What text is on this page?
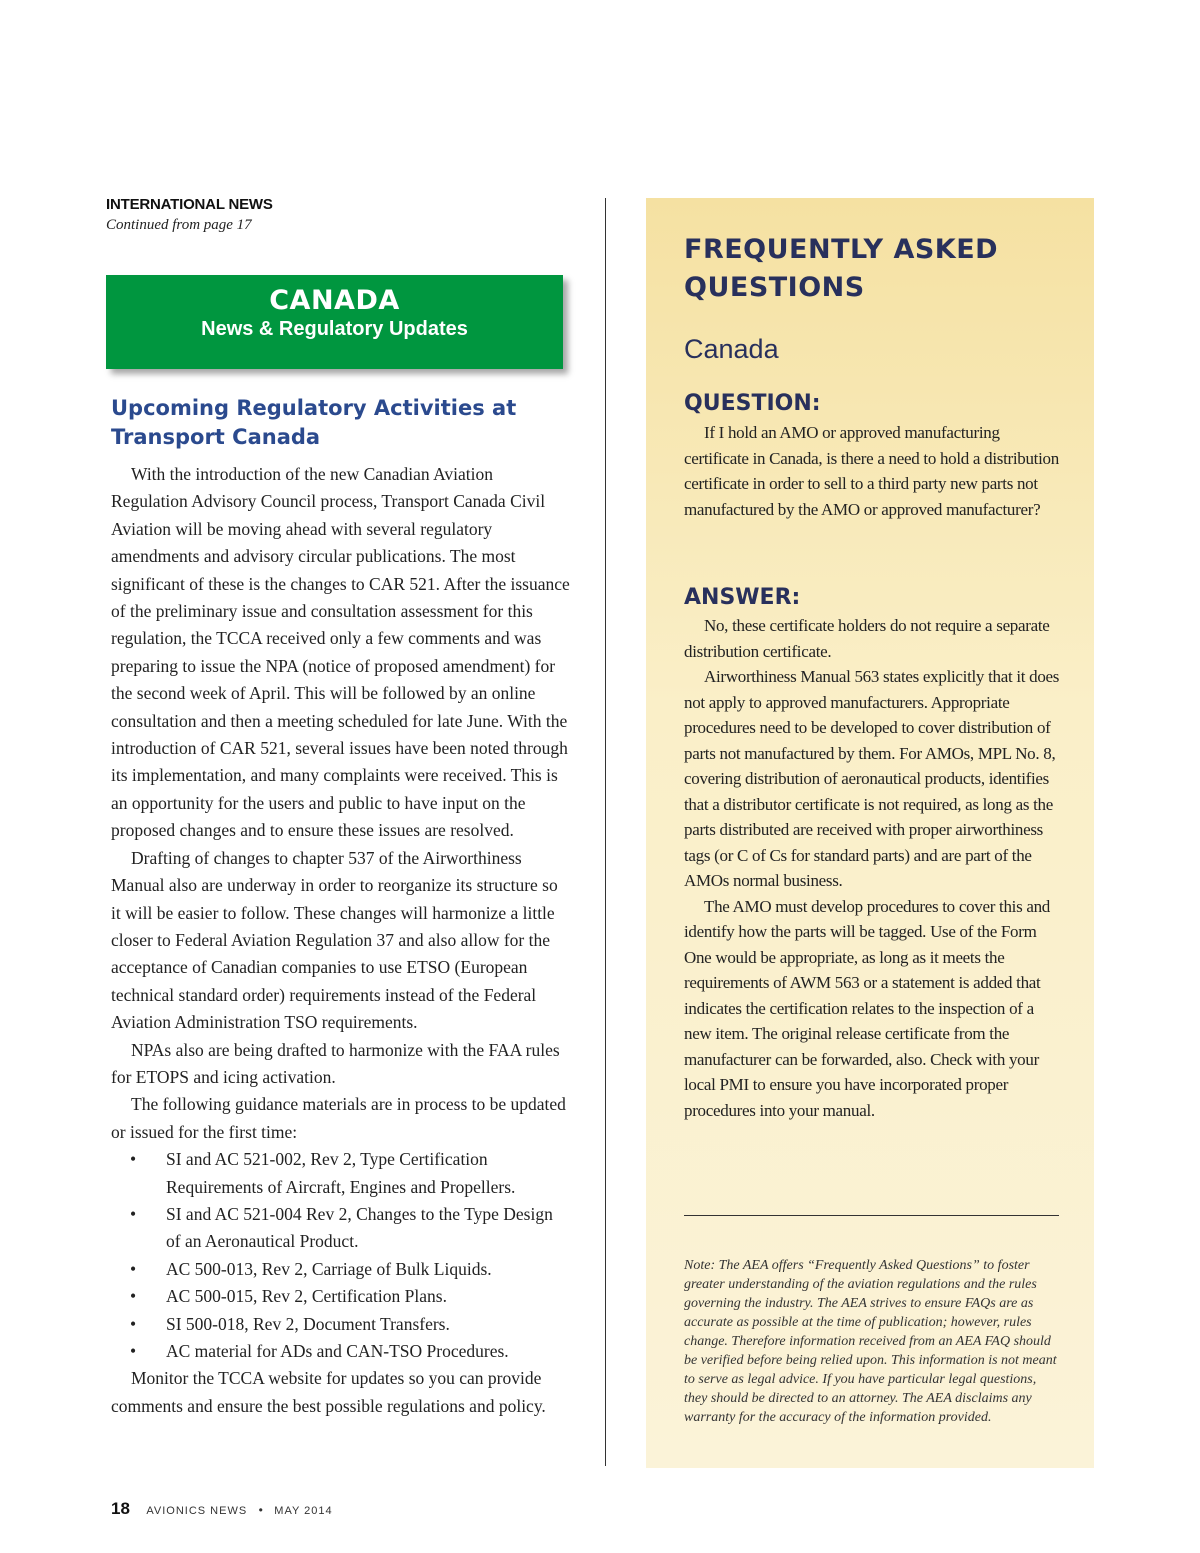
INTERNATIONAL NEWS
Continued from page 17
CANADA
News & Regulatory Updates
Upcoming Regulatory Activities at Transport Canada

With the introduction of the new Canadian Aviation Regulation Advisory Council process, Transport Canada Civil Aviation will be moving ahead with several regulatory amendments and advisory circular publications. The most significant of these is the changes to CAR 521. After the issuance of the preliminary issue and consultation assessment for this regulation, the TCCA received only a few comments and was preparing to issue the NPA (notice of proposed amendment) for the second week of April. This will be followed by an online consultation and then a meeting scheduled for late June. With the introduction of CAR 521, several issues have been noted through its implementation, and many complaints were received. This is an opportunity for the users and public to have input on the proposed changes and to ensure these issues are resolved.

Drafting of changes to chapter 537 of the Airworthiness Manual also are underway in order to reorganize its structure so it will be easier to follow. These changes will harmonize a little closer to Federal Aviation Regulation 37 and also allow for the acceptance of Canadian companies to use ETSO (European technical standard order) requirements instead of the Federal Aviation Administration TSO requirements.

NPAs also are being drafted to harmonize with the FAA rules for ETOPS and icing activation.

The following guidance materials are in process to be updated or issued for the first time:

• SI and AC 521-002, Rev 2, Type Certification Requirements of Aircraft, Engines and Propellers.
• SI and AC 521-004 Rev 2, Changes to the Type Design of an Aeronautical Product.
• AC 500-013, Rev 2, Carriage of Bulk Liquids.
• AC 500-015, Rev 2, Certification Plans.
• SI 500-018, Rev 2, Document Transfers.
• AC material for ADs and CAN-TSO Procedures.

Monitor the TCCA website for updates so you can provide comments and ensure the best possible regulations and policy.

FREQUENTLY ASKED QUESTIONS
Canada
QUESTION:

If I hold an AMO or approved manufacturing certificate in Canada, is there a need to hold a distribution certificate in order to sell to a third party new parts not manufactured by the AMO or approved manufacturer?

ANSWER:

No, these certificate holders do not require a separate distribution certificate.

Airworthiness Manual 563 states explicitly that it does not apply to approved manufacturers. Appropriate procedures need to be developed to cover distribution of parts not manufactured by them. For AMOs, MPL No. 8, covering distribution of aeronautical products, identifies that a distributor certificate is not required, as long as the parts distributed are received with proper airworthiness tags (or C of Cs for standard parts) and are part of the AMOs normal business.

The AMO must develop procedures to cover this and identify how the parts will be tagged. Use of the Form One would be appropriate, as long as it meets the requirements of AWM 563 or a statement is added that indicates the certification relates to the inspection of a new item. The original release certificate from the manufacturer can be forwarded, also. Check with your local PMI to ensure you have incorporated proper procedures into your manual.

Note: The AEA offers “Frequently Asked Questions” to foster greater understanding of the aviation regulations and the rules governing the industry. The AEA strives to ensure FAQs are as accurate as possible at the time of publication; however, rules change. Therefore information received from an AEA FAQ should be verified before being relied upon. This information is not meant to serve as legal advice. If you have particular legal questions, they should be directed to an attorney. The AEA disclaims any warranty for the accuracy of the information provided.
18 AVIONICS NEWS • MAY 2014
